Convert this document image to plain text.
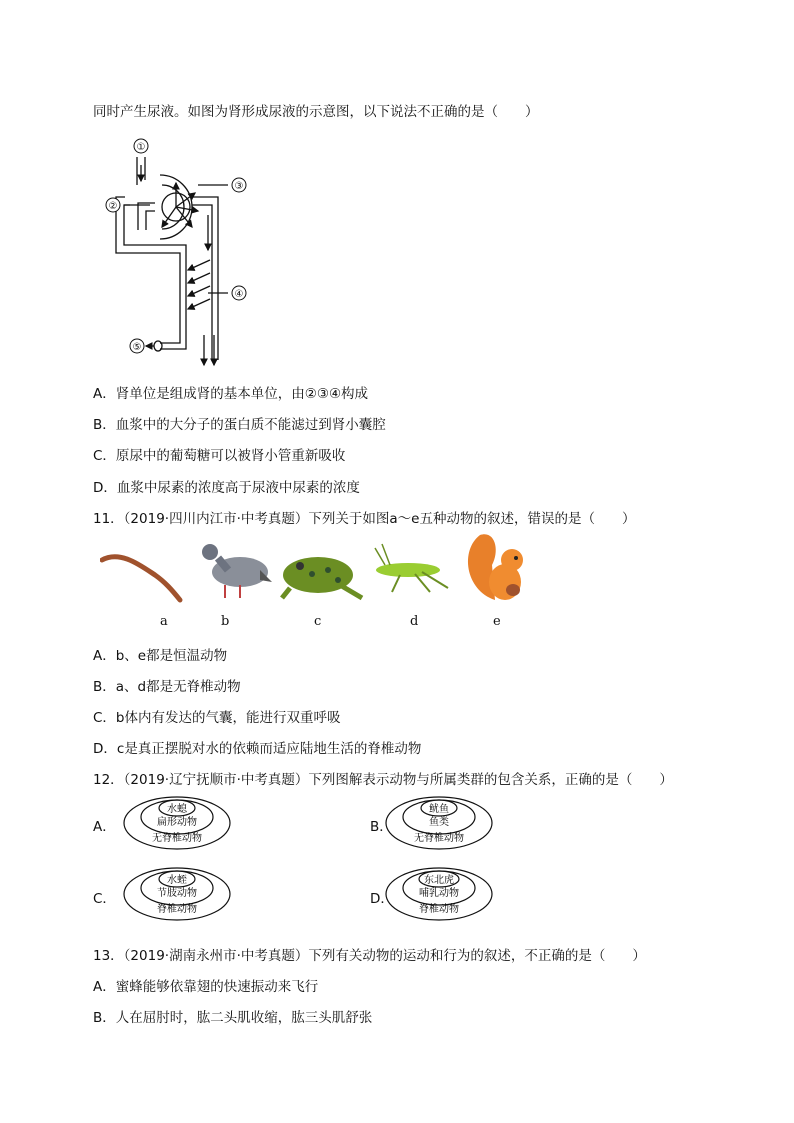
同时产生尿液。如图为肾形成尿液的示意图，以下说法不正确的是（　　）
①
②
③
④
⑤
A．肾单位是组成肾的基本单位，由②③④构成
B．血浆中的大分子的蛋白质不能滤过到肾小囊腔
C．原尿中的葡萄糖可以被肾小管重新吸收
D．血浆中尿素的浓度高于尿液中尿素的浓度
11．（2019·四川内江市·中考真题）下列关于如图a～e五种动物的叙述，错误的是（　　）
a	b	c	d	e
A．b、e都是恒温动物
B．a、d都是无脊椎动物
C．b体内有发达的气囊，能进行双重呼吸
D．c是真正摆脱对水的依赖而适应陆地生活的脊椎动物
12．（2019·辽宁抚顺市·中考真题）下列图解表示动物与所属类群的包含关系，正确的是（　　）
A．
水螅
扁形动物
无脊椎动物
B．
鱿鱼
鱼类
无脊椎动物
C．
水蛭
节肢动物
脊椎动物
D．
东北虎
哺乳动物
脊椎动物
13．（2019·湖南永州市·中考真题）下列有关动物的运动和行为的叙述，不正确的是（　　）
A．蜜蜂能够依靠翅的快速振动来飞行
B．人在屈肘时，肱二头肌收缩，肱三头肌舒张
